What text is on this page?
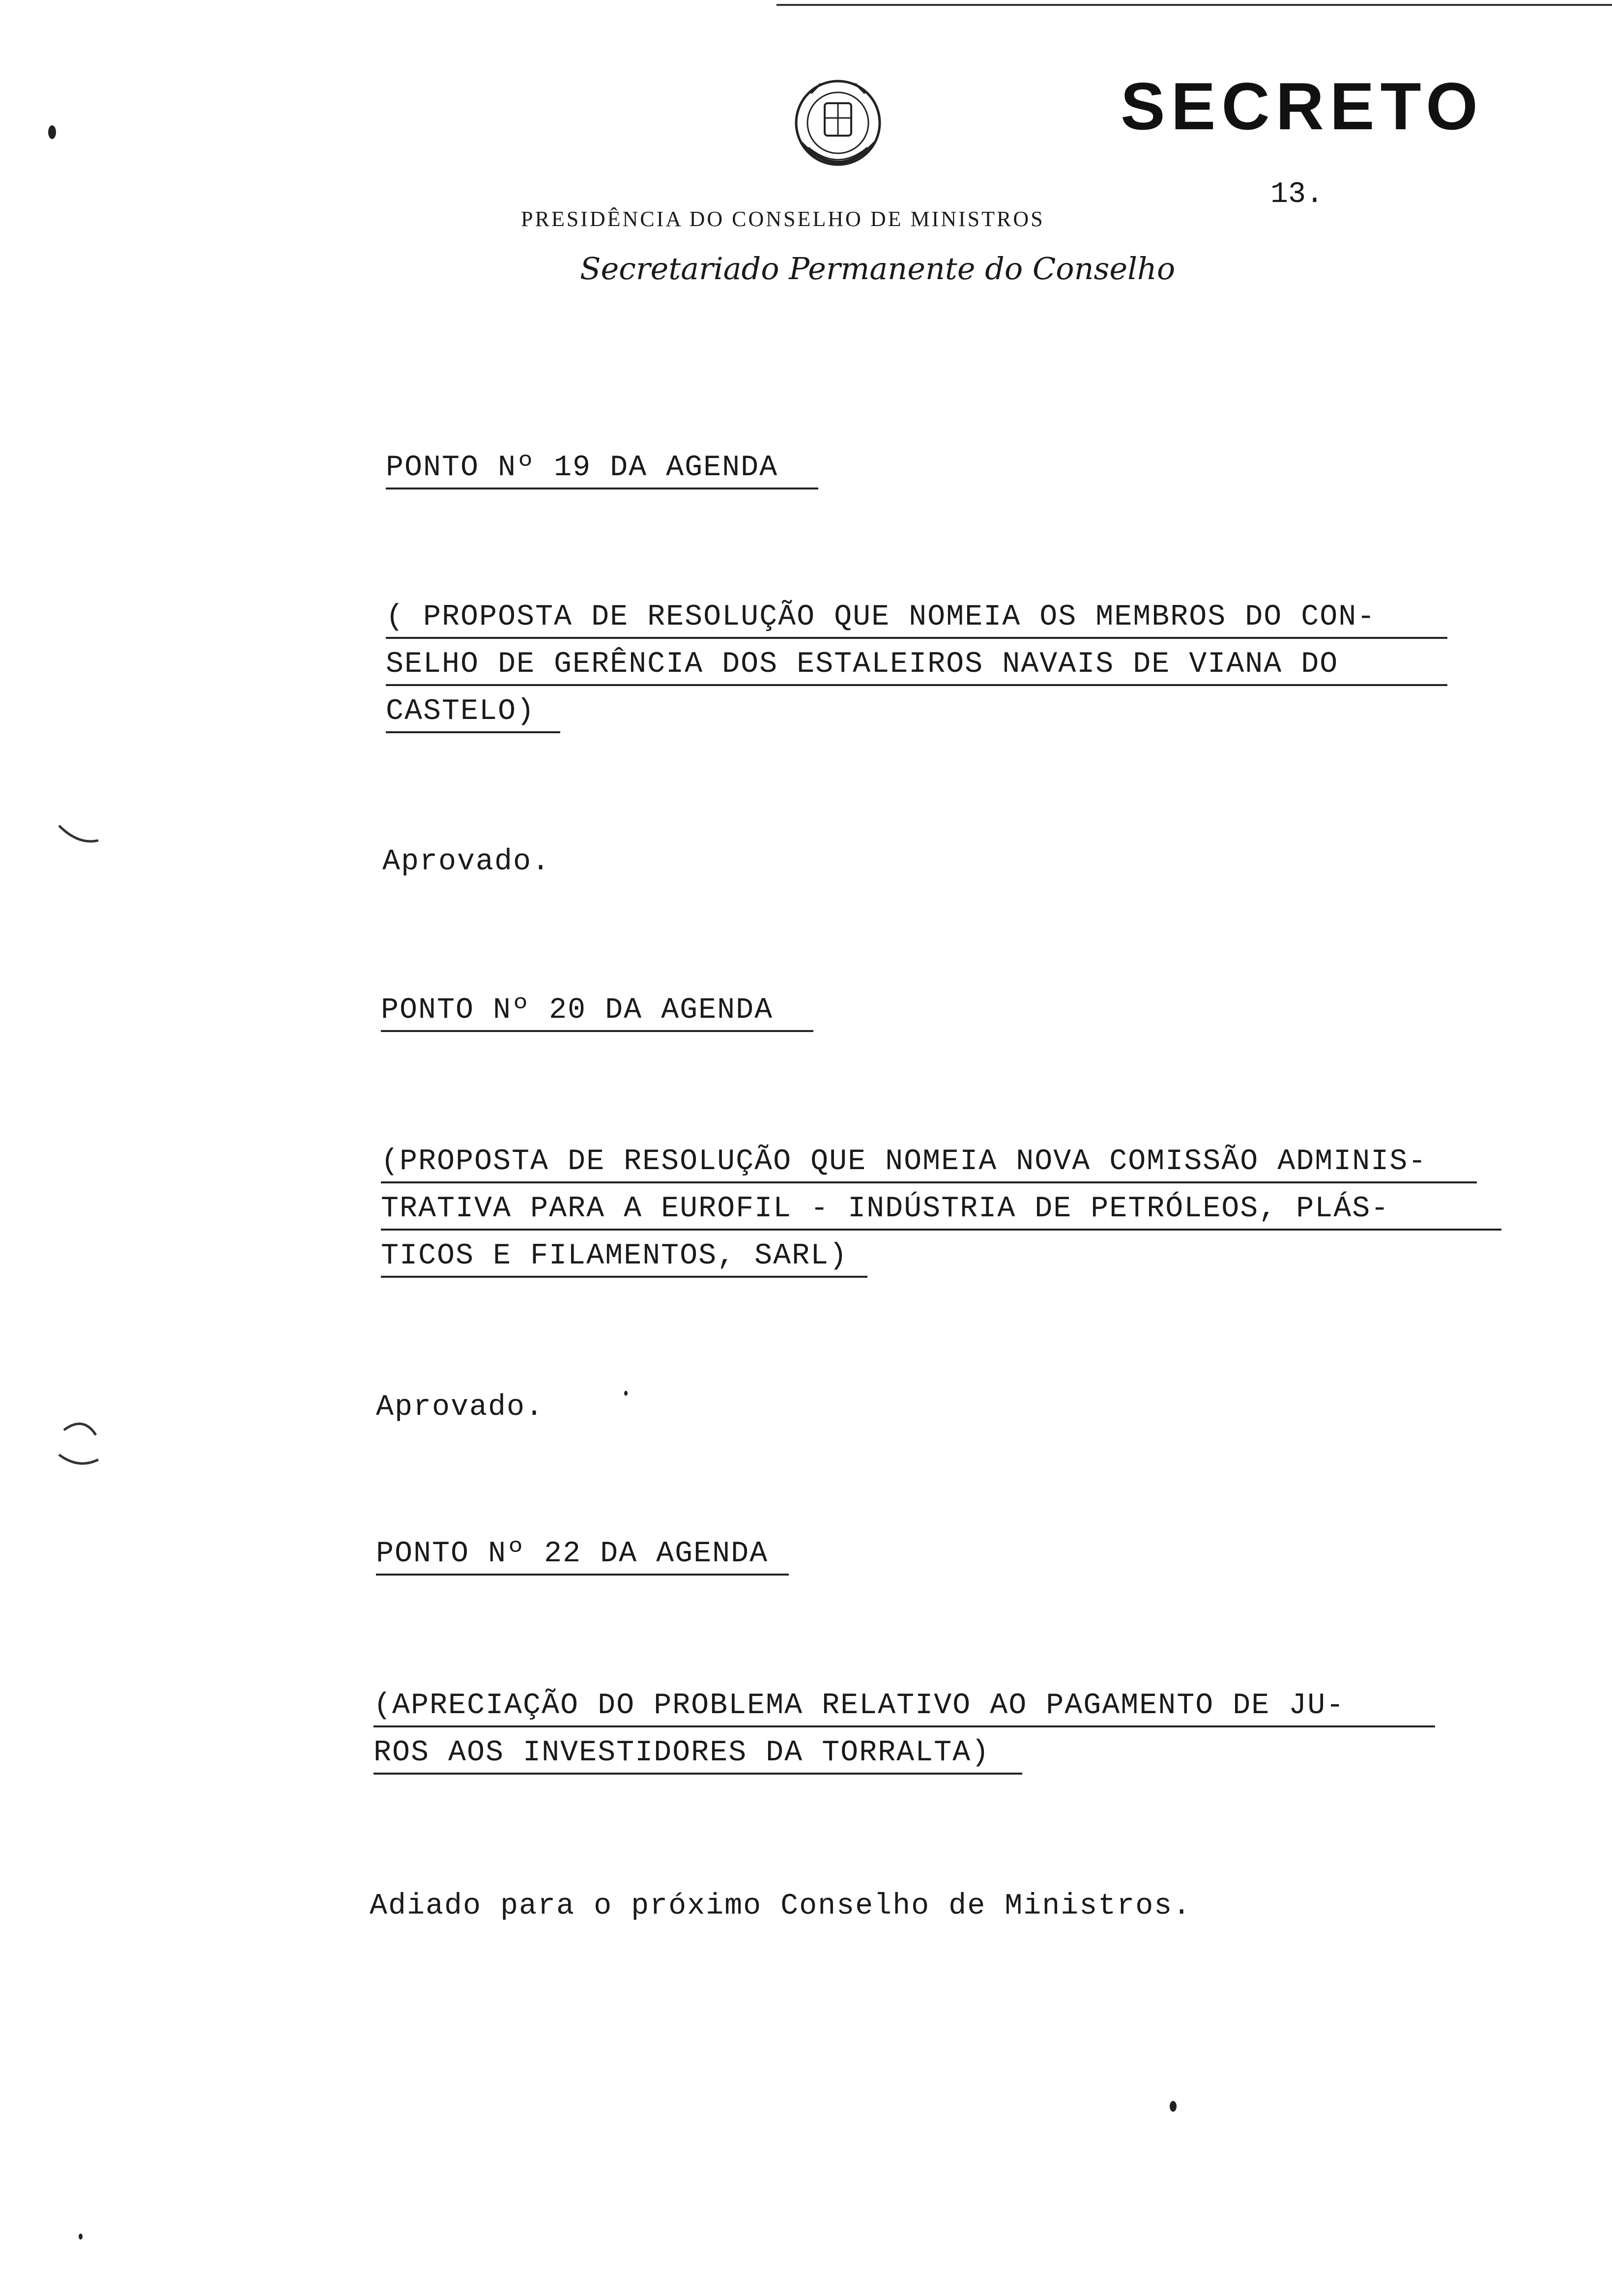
SECRETO
13.
PRESIDÊNCIA DO CONSELHO DE MINISTROS
Secretariado Permanente do Conselho
PONTO Nº 19 DA AGENDA
( PROPOSTA DE RESOLUÇÃO QUE NOMEIA OS MEMBROS DO CON-
SELHO DE GERÊNCIA DOS ESTALEIROS NAVAIS DE VIANA DO
CASTELO)
Aprovado.
PONTO Nº 20 DA AGENDA
(PROPOSTA DE RESOLUÇÃO QUE NOMEIA NOVA COMISSÃO ADMINIS-
TRATIVA PARA A EUROFIL - INDÚSTRIA DE PETRÓLEOS, PLÁS-
TICOS E FILAMENTOS, SARL)
Aprovado.
PONTO Nº 22 DA AGENDA
(APRECIAÇÃO DO PROBLEMA RELATIVO AO PAGAMENTO DE JU-
ROS AOS INVESTIDORES DA TORRALTA)
Adiado para o próximo Conselho de Ministros.
